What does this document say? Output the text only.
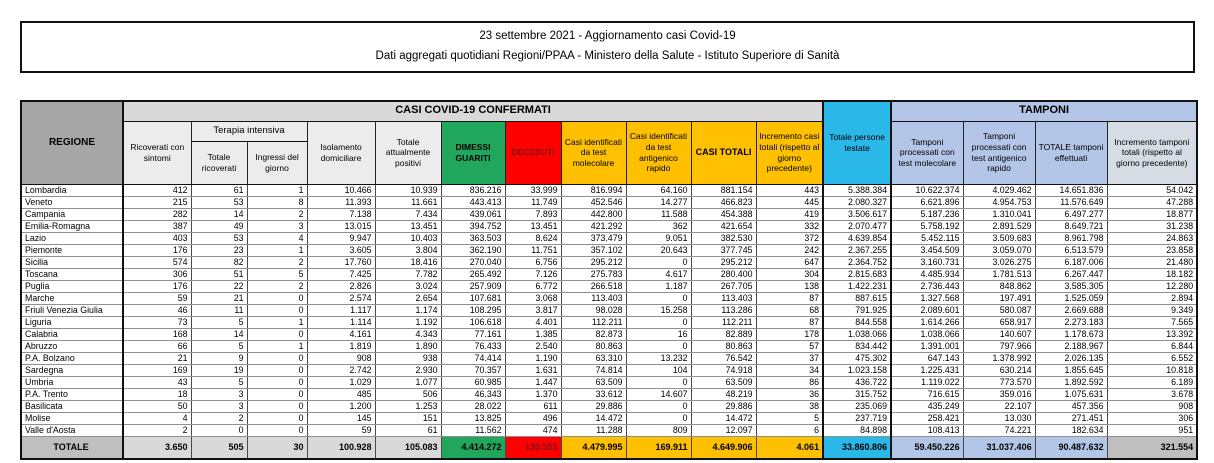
23 settembre 2021 - Aggiornamento casi Covid-19
Dati aggregati quotidiani Regioni/PPAA - Ministero della Salute - Istituto Superiore di Sanità
REGIONE	CASI COVID-19 CONFERMATI											Totale persone testate	TAMPONI			
	Ricoverati con sintomi	Terapia intensiva		Isolamento domiciliare	Totale attualmente positivi	DIMESSI GUARITI	DECEDUTI	Casi identificati da test molecolare	Casi identificati da test antigenico rapido	CASI TOTALI	Incremento casi totali (rispetto al giorno precedente)		Tamponi processati con test molecolare	Tamponi processati con test antigenico rapido	TOTALE tamponi effettuati	Incremento tamponi totali (rispetto al giorno precedente)
		Totale ricoverati	Ingressi del giorno													
Lombardia	412	61	1	10.466	10.939	836.216	33.999	816.994	64.160	881.154	443	5.388.384	10.622.374	4.029.462	14.651.836	54.042
Veneto	215	53	8	11.393	11.661	443.413	11.749	452.546	14.277	466.823	445	2.080.327	6.621.896	4.954.753	11.576.649	47.288
Campania	282	14	2	7.138	7.434	439.061	7.893	442.800	11.588	454.388	419	3.506.617	5.187.236	1.310.041	6.497.277	18.877
Emilia-Romagna	387	49	3	13.015	13.451	394.752	13.451	421.292	362	421.654	332	2.070.477	5.758.192	2.891.529	8.649.721	31.238
Lazio	403	53	4	9.947	10.403	363.503	8.624	373.479	9.051	382.530	372	4.639.854	5.452.115	3.509.683	8.961.798	24.863
Piemonte	176	23	1	3.605	3.804	362.190	11.751	357.102	20.643	377.745	242	2.367.255	3.454.509	3.059.070	6.513.579	23.858
Sicilia	574	82	2	17.760	18.416	270.040	6.756	295.212	0	295.212	647	2.364.752	3.160.731	3.026.275	6.187.006	21.480
Toscana	306	51	5	7.425	7.782	265.492	7.126	275.783	4.617	280.400	304	2.815.683	4.485.934	1.781.513	6.267.447	18.182
Puglia	176	22	2	2.826	3.024	257.909	6.772	266.518	1.187	267.705	138	1.422.231	2.736.443	848.862	3.585.305	12.280
Marche	59	21	0	2.574	2.654	107.681	3.068	113.403	0	113.403	87	887.615	1.327.568	197.491	1.525.059	2.894
Friuli Venezia Giulia	46	11	0	1.117	1.174	108.295	3.817	98.028	15.258	113.286	68	791.925	2.089.601	580.087	2.669.688	9.349
Liguria	73	5	1	1.114	1.192	106.618	4.401	112.211	0	112.211	87	844.558	1.614.266	658.917	2.273.183	7.565
Calabria	168	14	0	4.161	4.343	77.161	1.385	82.873	16	82.889	178	1.038.066	1.038.066	140.607	1.178.673	13.392
Abruzzo	66	5	1	1.819	1.890	76.433	2.540	80.863	0	80.863	57	834.442	1.391.001	797.966	2.188.967	6.844
P.A. Bolzano	21	9	0	908	938	74.414	1.190	63.310	13.232	76.542	37	475.302	647.143	1.378.992	2.026.135	6.552
Sardegna	169	19	0	2.742	2.930	70.357	1.631	74.814	104	74.918	34	1.023.158	1.225.431	630.214	1.855.645	10.818
Umbria	43	5	0	1.029	1.077	60.985	1.447	63.509	0	63.509	86	436.722	1.119.022	773.570	1.892.592	6.189
P.A. Trento	18	3	0	485	506	46.343	1.370	33.612	14.607	48.219	36	315.752	716.615	359.016	1.075.631	3.678
Basilicata	50	3	0	1.200	1.253	28.022	611	29.886	0	29.886	38	235.069	435.249	22.107	457.356	908
Molise	4	2	0	145	151	13.825	496	14.472	0	14.472	5	237.719	258.421	13.030	271.451	306
Valle d'Aosta	2	0	0	59	61	11.562	474	11.288	809	12.097	6	84.898	108.413	74.221	182.634	951
TOTALE	3.650	505	30	100.928	105.083	4.414.272	130.551	4.479.995	169.911	4.649.906	4.061	33.860.806	59.450.226	31.037.406	90.487.632	321.554
